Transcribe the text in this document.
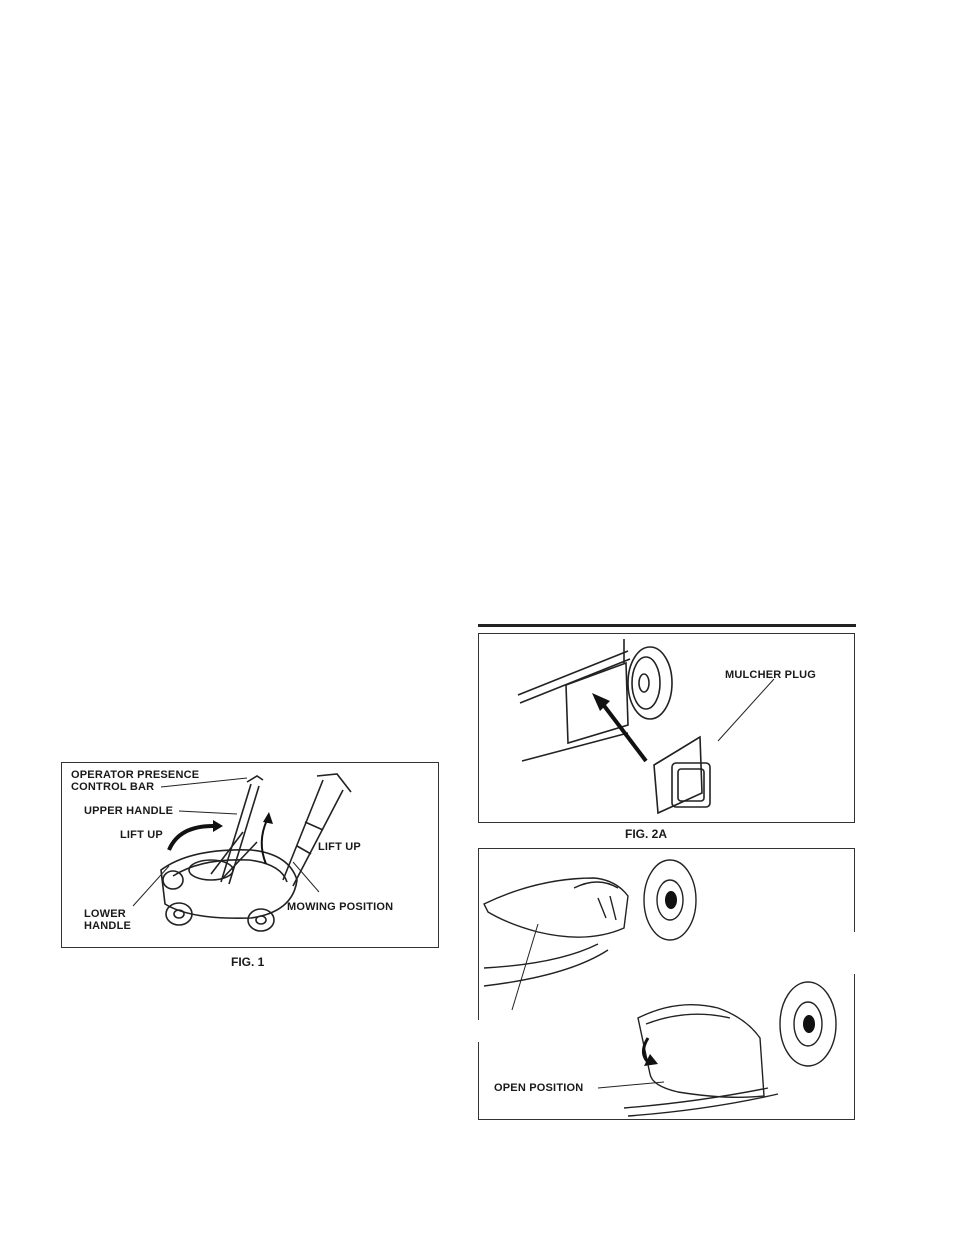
OPERATOR PRESENCE
CONTROL BAR
UPPER HANDLE
LIFT UP
LIFT UP
MOWING POSITION
LOWER
HANDLE
FIG. 1
MULCHER PLUG
FIG. 2A
OPEN POSITION
